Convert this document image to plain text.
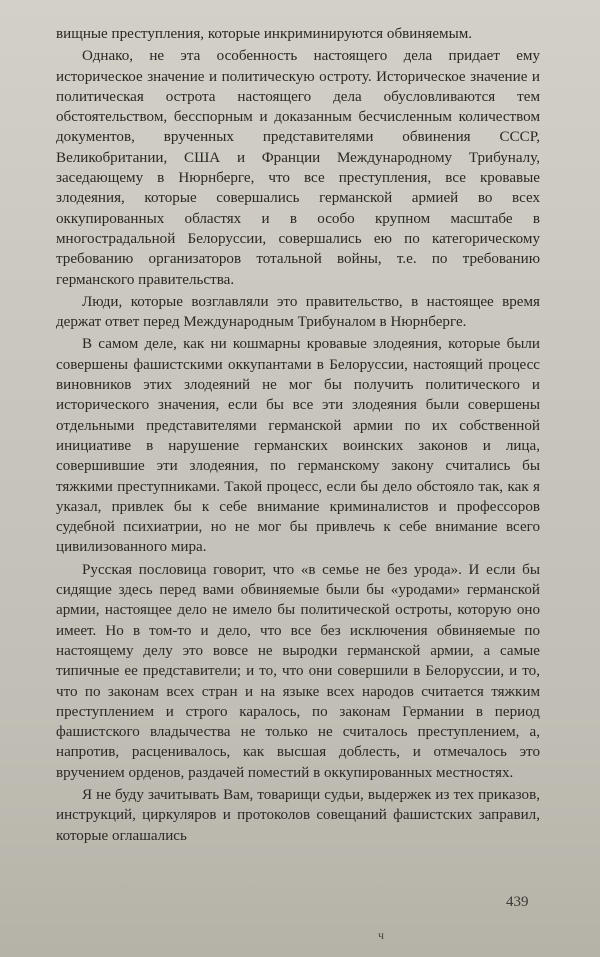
вищные преступления, которые инкриминируются обвиняемым.

Однако, не эта особенность настоящего дела придает ему историческое значение и политическую остроту. Историческое значение и политическая острота настоящего дела обусловливаются тем обстоятельством, бесспорным и доказанным бесчисленным количеством документов, врученных представителями обвинения СССР, Великобритании, США и Франции Международному Трибуналу, заседающему в Нюрнберге, что все преступления, все кровавые злодеяния, которые совершались германской армией во всех оккупированных областях и в особо крупном масштабе в многострадальной Белоруссии, совершались ею по категорическому требованию организаторов тотальной войны, т.е. по требованию германского правительства.

Люди, которые возглавляли это правительство, в настоящее время держат ответ перед Международным Трибуналом в Нюрнберге.

В самом деле, как ни кошмарны кровавые злодеяния, которые были совершены фашистскими оккупантами в Белоруссии, настоящий процесс виновников этих злодеяний не мог бы получить политического и исторического значения, если бы все эти злодеяния были совершены отдельными представителями германской армии по их собственной инициативе в нарушение германских воинских законов и лица, совершившие эти злодеяния, по германскому закону считались бы тяжкими преступниками. Такой процесс, если бы дело обстояло так, как я указал, привлек бы к себе внимание криминалистов и профессоров судебной психиатрии, но не мог бы привлечь к себе внимание всего цивилизованного мира.

Русская пословица говорит, что «в семье не без урода». И если бы сидящие здесь перед вами обвиняемые были бы «уродами» германской армии, настоящее дело не имело бы политической остроты, которую оно имеет. Но в том-то и дело, что все без исключения обвиняемые по настоящему делу это вовсе не выродки германской армии, а самые типичные ее представители; и то, что они совершили в Белоруссии, и то, что по законам всех стран и на языке всех народов считается тяжким преступлением и строго каралось, по законам Германии в период фашистского владычества не только не считалось преступлением, а, напротив, расценивалось, как высшая доблесть, и отмечалось это вручением орденов, раздачей поместий в оккупированных местностях.

Я не буду зачитывать Вам, товарищи судьи, выдержек из тех приказов, инструкций, циркуляров и протоколов совещаний фашистских заправил, которые оглашались

439
ч
